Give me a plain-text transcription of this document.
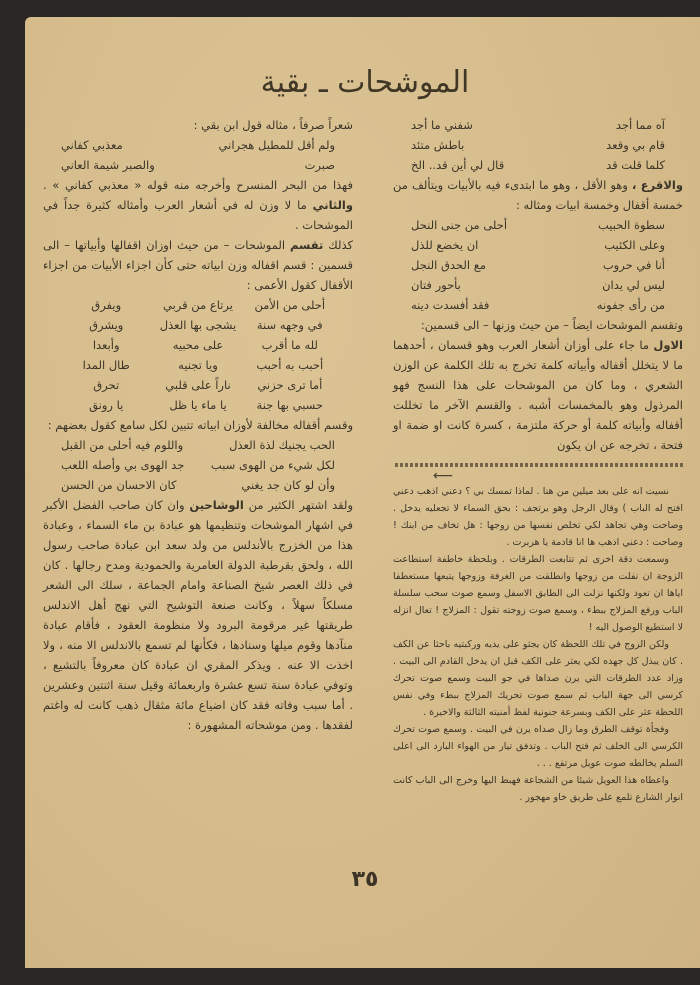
الموشحات ـ بقية
آه مما أجد
شفني ما أجد
قام بي وقعد
باطش متئد
كلما قلت قد
قال لي أين قد.. الخ

والاقرع ، وهو الأقل ، وهو ما ابتدىء فيه بالأبيات ويتألف من خمسة أقفال وخمسة ابيات ومثاله :

سطوة الحبيب
أحلى من جنى النحل
وعلى الكئيب
ان يخضع للذل
أنا في حروب
مع الحدق النجل
ليس لي يدان
بأحور فتان
من رأى جفونه
فقد أفسدت دينه

وتقسم الموشحات ايضاً – من حيث وزنها – الى قسمين:

الاول ما جاء على أوزان أشعار العرب وهو قسمان ، أحدهما ما لا يتخلل أقفاله وأبياته كلمة تخرج به تلك الكلمة عن الوزن الشعري ، وما كان من الموشحات على هذا النسج فهو المرذول وهو بالمخمسات أشبه . والقسم الآخر ما تخللت أقفاله وأبياته كلمة أو حركة ملتزمة ، كسرة كانت او ضمة او فتحة ، تخرجه عن ان يكون

⟵

نسيت انه على بعد ميلين من هنا . لماذا تمسك بي ؟ دعني اذهب دعني افتح له الباب ) وقال الرجل وهو يرتجف : بحق السماء لا تجعليه يدخل . وصاحت وهي تجاهد لكي تخلص نفسها من زوجها : هل تخاف من ابنك ! وصاحت : دعني اذهب ها انا قادمة يا هربرت .

وسمعت دقة اخرى ثم تتابعت الطرقات . وبلحظة خاطفة استطاعت الزوجة ان تفلت من زوجها وانطلقت من الغرفة وزوجها يتبعها مستعطفا اياها ان تعود ولكنها نزلت الى الطابق الاسفل وسمع صوت سحب سلسلة الباب ورفع المزلاج ببطء ، وسمع صوت زوجته تقول : المزلاج ! تعال انزله لا استطيع الوصول اليه !

ولكن الزوج في تلك اللحظة كان يجثو على يديه وركبتيه باحثا عن الكف . كان يبذل كل جهده لكي يعثر على الكف قبل ان يدخل القادم الى البيت . وزاد عدد الطرقات التي يرن صداها في جو البيت وسمع صوت تحرك كرسي الى جهة الباب ثم سمع صوت تحريك المزلاج ببطء وفي نفس اللحظة عثر على الكف وبسرعة جنونية لفظ أمنيته الثالثة والاخيرة .

وفجأة توقف الطرق وما زال صداه يرن في البيت . وسمع صوت تحرك الكرسي الى الخلف ثم فتح الباب . وتدفق تيار من الهواء البارد الى اعلى السلم يخالطه صوت عويل مرتفع . . .

واعطاه هذا العويل شيئا من الشجاعة فهبط اليها وخرج الى الباب كانت انوار الشارع تلمع على طريق خاو مهجور .

شعراً صرفاً ، مثاله قول ابن بقي :

ولم أقل للمطيل هجراني
معذبي كفاني
صبرت
والصبر شيمة العاني

فهذا من البحر المنسرح وأخرجه منه قوله « معذبي كفاني » . والثاني ما لا وزن له في أشعار العرب وأمثاله كثيرة جداً في الموشحات .

كذلك تقسم الموشحات – من حيث اوزان اقفالها وأبياتها – الى قسمين : قسم اقفاله وزن ابياته حتى كأن اجزاء الأبيات من اجزاء الأقفال كقول الأعمى :

أحلى من الأمن
يرتاع من قربي
ويفرق
في وجهه سنة
يشجى بها العذل
ويشرق
لله ما أقرب
على محبيه
وأبعدا
أحبب به أحبب
ويا تجنيه
طال المدا
أما ترى حزني
ناراً على قلبي
تحرق
حسبي بها جنة
يا ماء يا ظل
يا رونق

وقسم أقفاله مخالفة لأوزان ابياته تتبين لكل سامع كقول بعضهم :

الحب يجنيك لذة العذل
واللوم فيه أحلى من القبل
لكل شيء من الهوى سبب
جد الهوى بي وأصله اللعب
وأن لو كان جد يغني
كان الاحسان من الحسن

ولقد اشتهر الكثير من الوشاحين وان كان صاحب الفضل الأكبر في اشهار الموشحات وتنظيمها هو عبادة بن ماء السماء ، وعبادة هذا من الخزرج بالأندلس من ولد سعد ابن عبادة صاحب رسول الله ، ولحق بقرطبة الدولة العامرية والحمودية ومدح رجالها . كان في ذلك العصر شيخ الصناعة وامام الجماعة ، سلك الى الشعر مسلكاً سهلاً ، وكانت صنعة التوشيح التي نهج أهل الاندلس طريقتها غير مرقومة البرود ولا منظومة العقود ، فأقام عبادة منآدها وقوم ميلها وسنادها ، فكأنها لم تسمع بالاندلس الا منه ، ولا اخذت الا عنه . ويذكر المقري ان عبادة كان معروفاً بالتشيع ، وتوفي عبادة سنة تسع عشرة واربعمائة وقيل سنة اثنتين وعشرين . أما سبب وفاته فقد كان اضياع مائة مثقال ذهب كانت له واغتم لفقدها . ومن موشحاته المشهورة :

٣٥
